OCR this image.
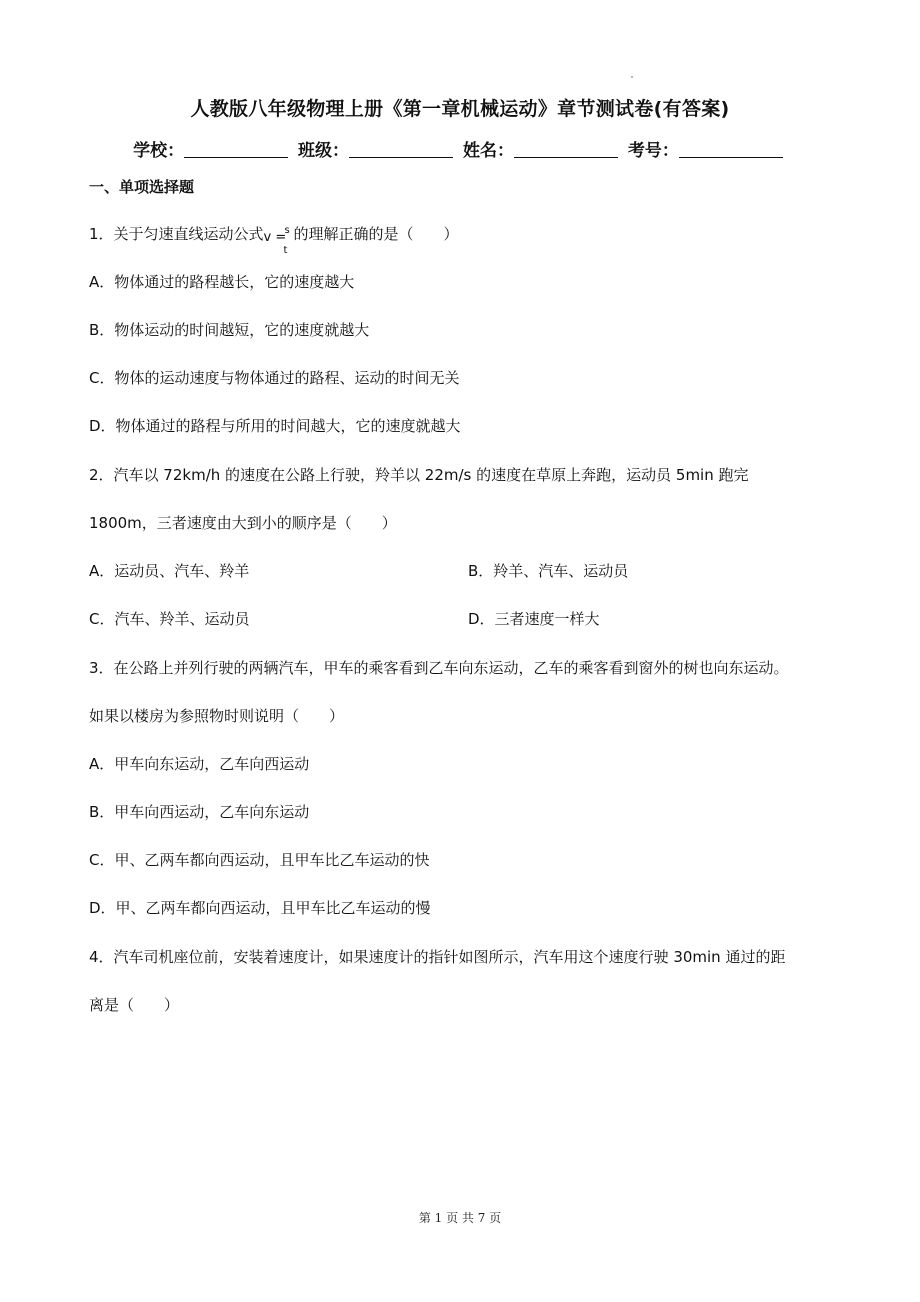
人教版八年级物理上册《第一章机械运动》章节测试卷(有答案)
学校：	班级：	姓名：	考号：
一、单项选择题
1．关于匀速直线运动公式 v =
s
t
的理解正确的是（　　）
A．物体通过的路程越长，它的速度越大
B．物体运动的时间越短，它的速度就越大
C．物体的运动速度与物体通过的路程、运动的时间无关
D．物体通过的路程与所用的时间越大，它的速度就越大
2．汽车以 72km/h 的速度在公路上行驶，羚羊以 22m/s 的速度在草原上奔跑，运动员 5min 跑完
1800m，三者速度由大到小的顺序是（　　）
A．运动员、汽车、羚羊	B．羚羊、汽车、运动员
C．汽车、羚羊、运动员	D．三者速度一样大
3．在公路上并列行驶的两辆汽车，甲车的乘客看到乙车向东运动，乙车的乘客看到窗外的树也向东运动。
如果以楼房为参照物时则说明（　　）
A．甲车向东运动，乙车向西运动
B．甲车向西运动，乙车向东运动
C．甲、乙两车都向西运动，且甲车比乙车运动的快
D．甲、乙两车都向西运动，且甲车比乙车运动的慢
4．汽车司机座位前，安装着速度计，如果速度计的指针如图所示，汽车用这个速度行驶 30min 通过的距
离是（　　）
第 1 页 共 7 页
